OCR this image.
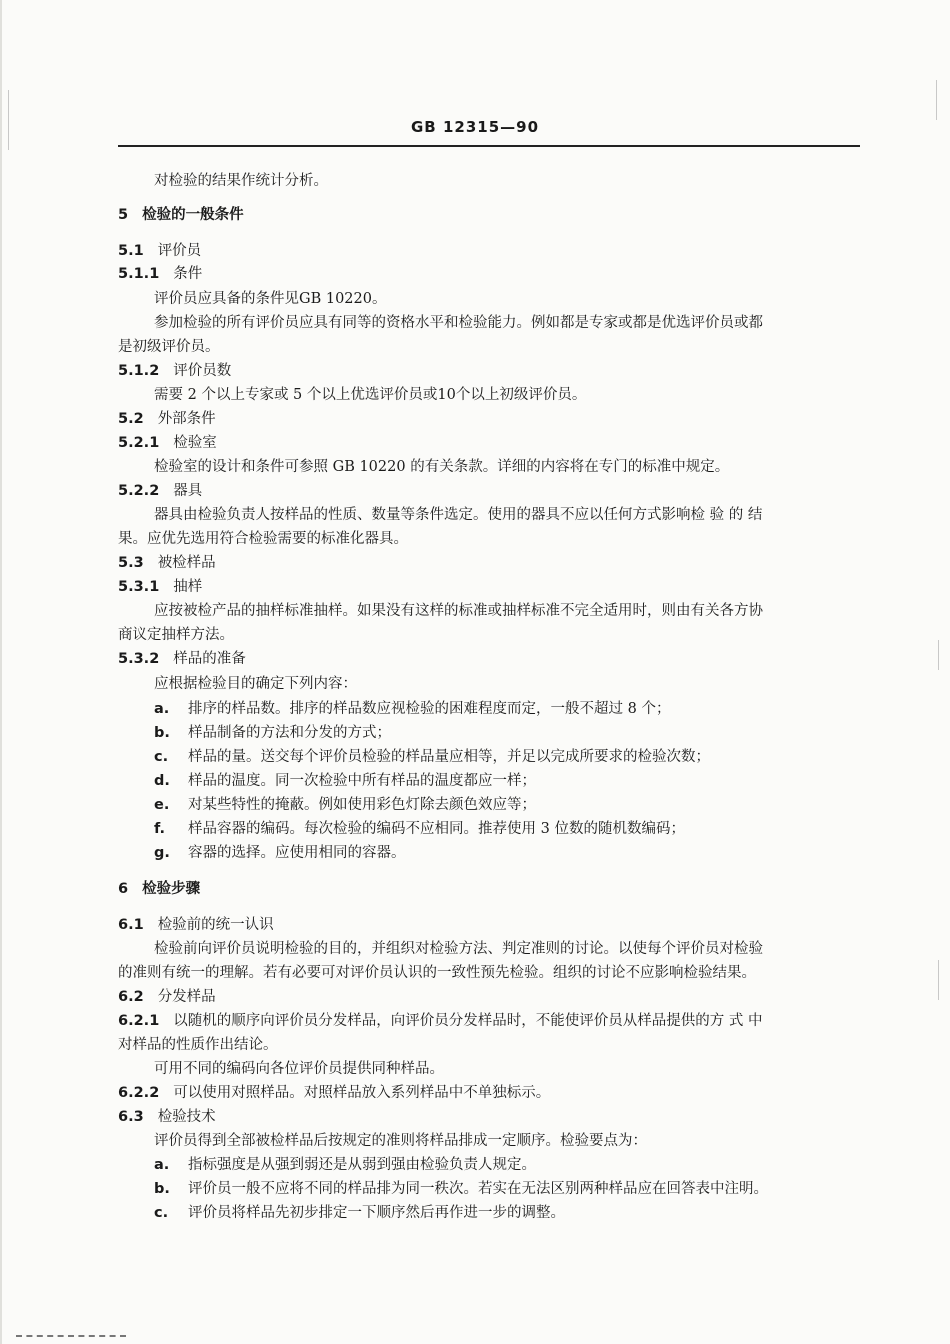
GB 12315—90
对检验的结果作统计分析。
5 检验的一般条件
5.1 评价员
5.1.1 条件
评价员应具备的条件见GB 10220。
参加检验的所有评价员应具有同等的资格水平和检验能力。例如都是专家或都是优选评价员或都
是初级评价员。
5.1.2 评价员数
需要 2 个以上专家或 5 个以上优选评价员或10个以上初级评价员。
5.2 外部条件
5.2.1 检验室
检验室的设计和条件可参照 GB 10220 的有关条款。详细的内容将在专门的标准中规定。
5.2.2 器具
器具由检验负责人按样品的性质、数量等条件选定。使用的器具不应以任何方式影响检 验 的 结
果。应优先选用符合检验需要的标准化器具。
5.3 被检样品
5.3.1 抽样
应按被检产品的抽样标准抽样。如果没有这样的标准或抽样标准不完全适用时，则由有关各方协
商议定抽样方法。
5.3.2 样品的准备
应根据检验目的确定下列内容：
a. 排序的样品数。排序的样品数应视检验的困难程度而定，一般不超过 8 个；
b. 样品制备的方法和分发的方式；
c. 样品的量。送交每个评价员检验的样品量应相等，并足以完成所要求的检验次数；
d. 样品的温度。同一次检验中所有样品的温度都应一样；
e. 对某些特性的掩蔽。例如使用彩色灯除去颜色效应等；
f. 样品容器的编码。每次检验的编码不应相同。推荐使用 3 位数的随机数编码；
g. 容器的选择。应使用相同的容器。
6 检验步骤
6.1 检验前的统一认识
检验前向评价员说明检验的目的，并组织对检验方法、判定准则的讨论。以使每个评价员对检验
的准则有统一的理解。若有必要可对评价员认识的一致性预先检验。组织的讨论不应影响检验结果。
6.2 分发样品
6.2.1 以随机的顺序向评价员分发样品，向评价员分发样品时，不能使评价员从样品提供的方 式 中
对样品的性质作出结论。
可用不同的编码向各位评价员提供同种样品。
6.2.2 可以使用对照样品。对照样品放入系列样品中不单独标示。
6.3 检验技术
评价员得到全部被检样品后按规定的准则将样品排成一定顺序。检验要点为：
a. 指标强度是从强到弱还是从弱到强由检验负责人规定。
b. 评价员一般不应将不同的样品排为同一秩次。若实在无法区别两种样品应在回答表中注明。
c. 评价员将样品先初步排定一下顺序然后再作进一步的调整。
